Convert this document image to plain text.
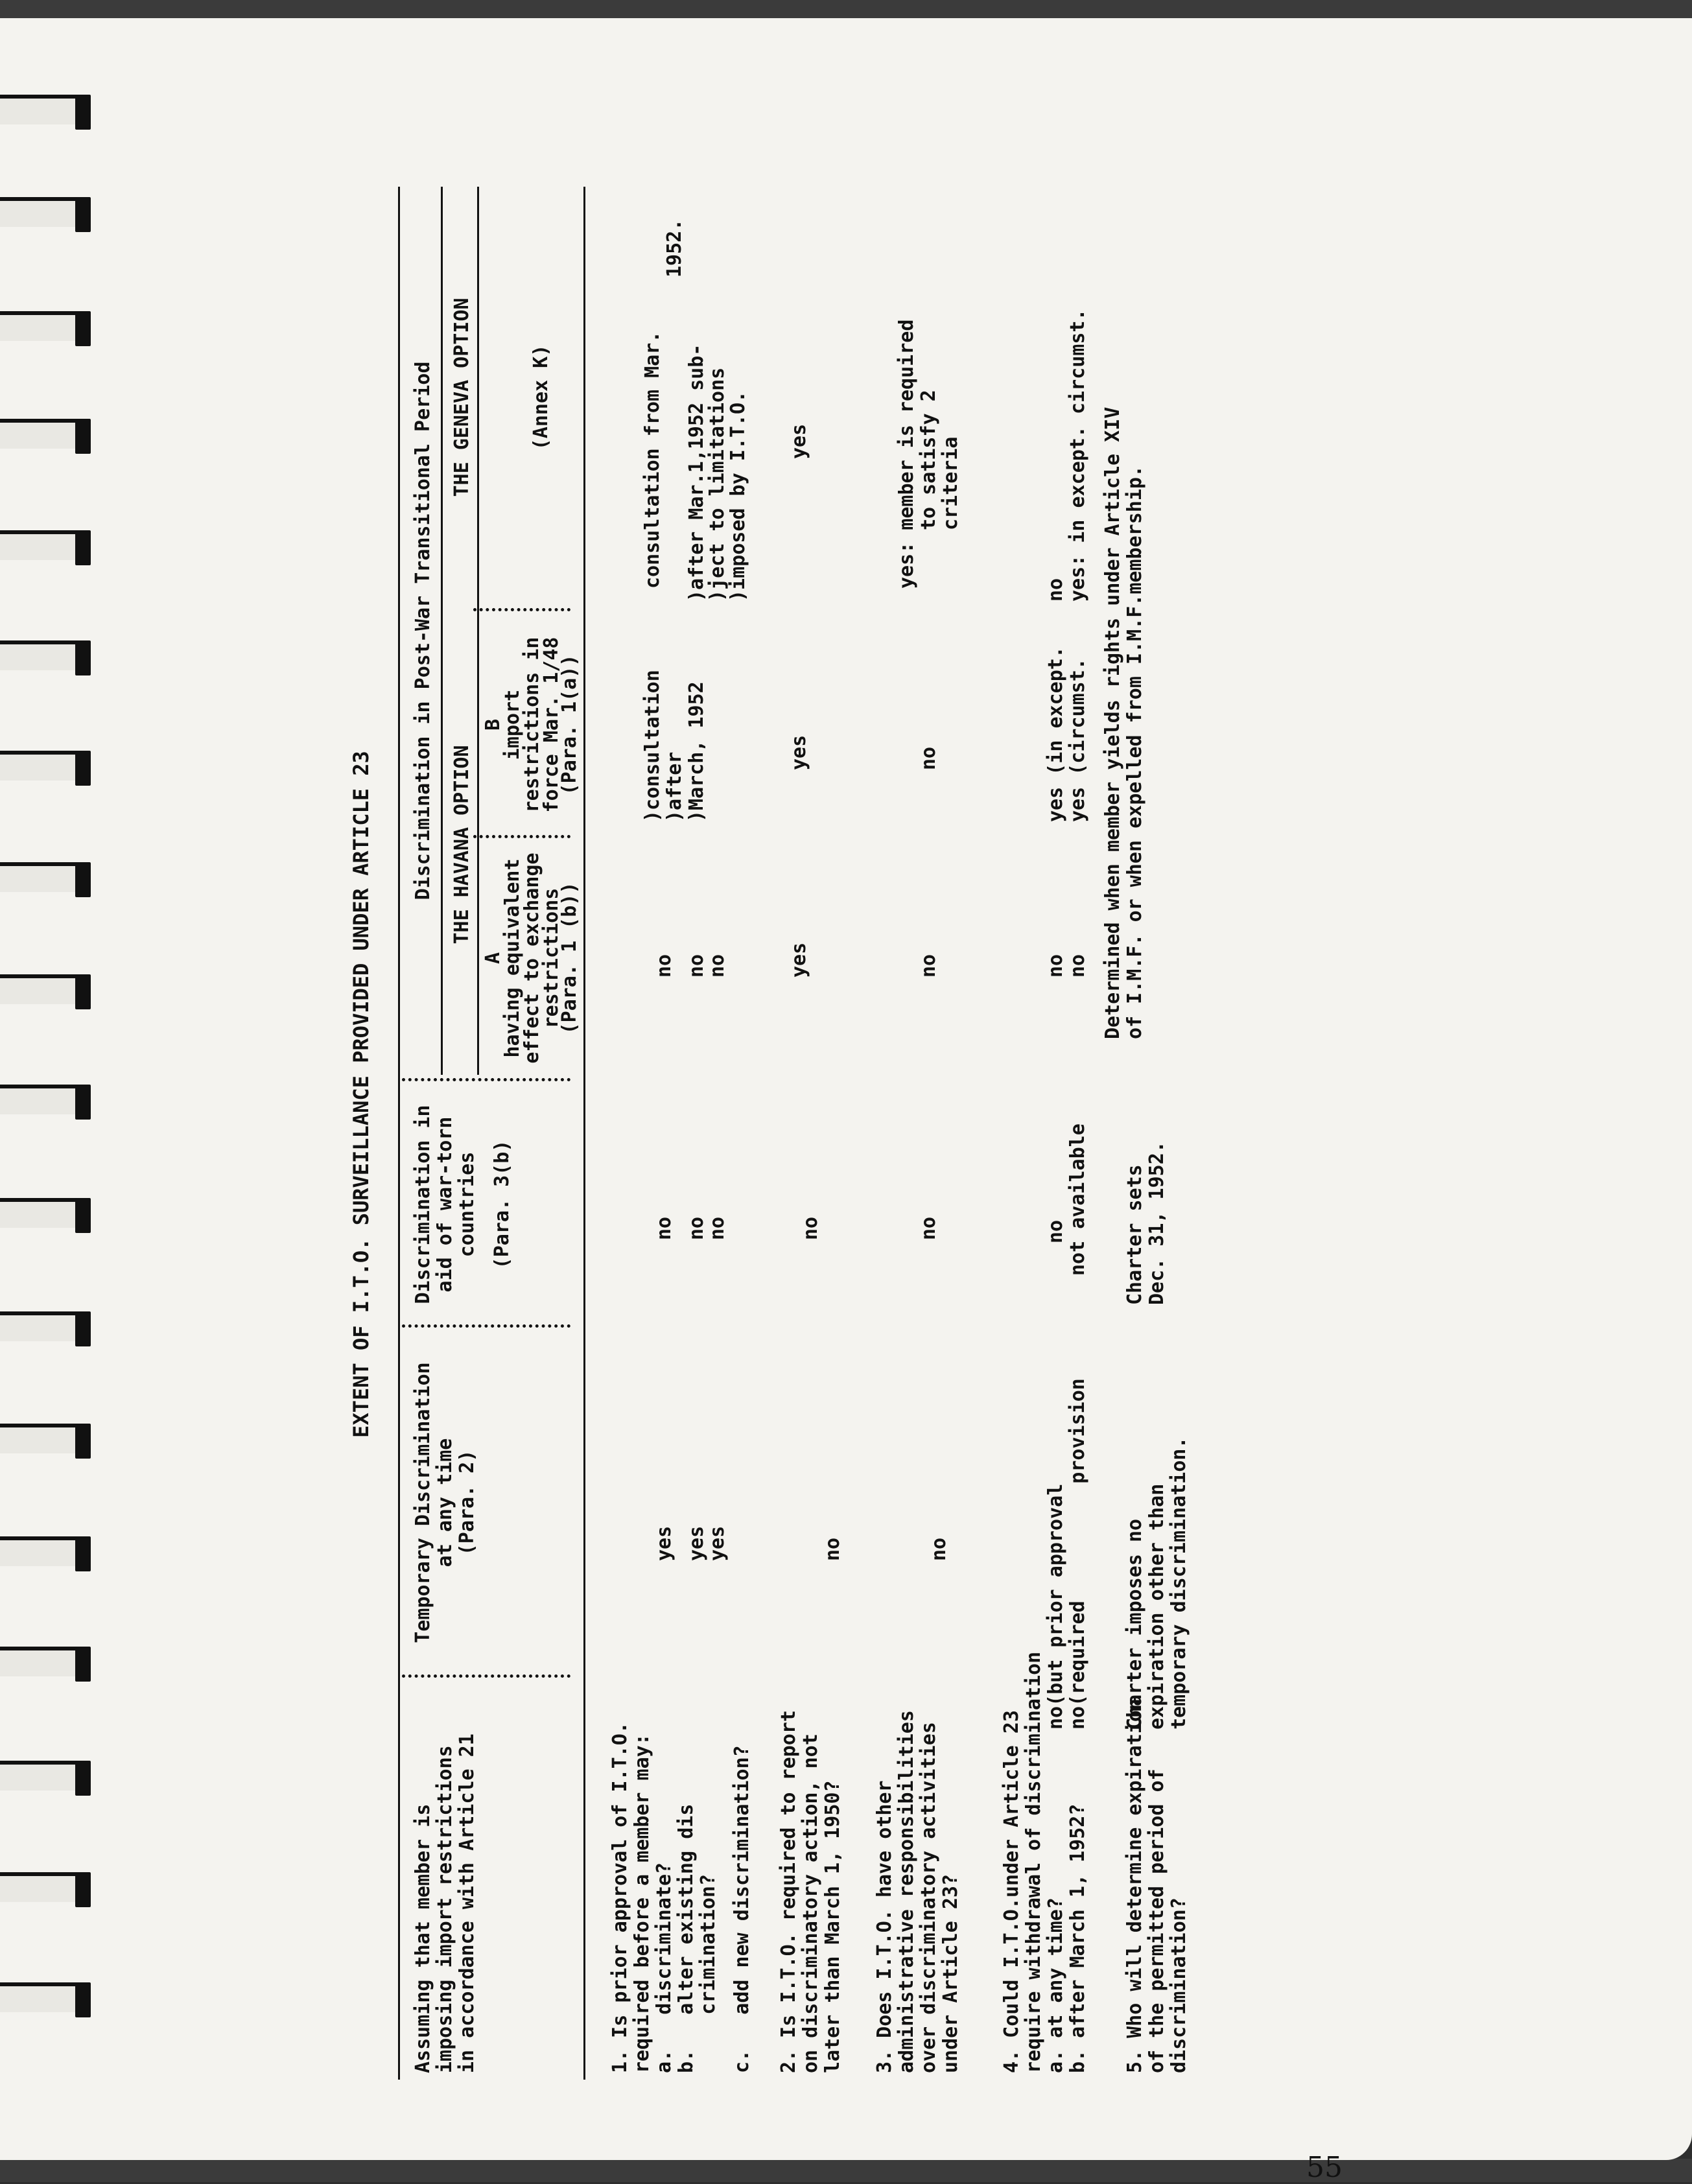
55
EXTENT OF I.T.O. SURVEILLANCE PROVIDED UNDER ARTICLE 23
Assuming that member is imposing import restrictions in accordance with Article 21
Temporary Discrimination at any time (Para. 2)
Discrimination in aid of war-torn countries (Para. 3(b)
Discrimination in Post-War Transitional Period THE HAVANA OPTION
THE GENEVA OPTION
A
having equivalent
effect to exchange
restrictions
(Para. 1 (b))
B
import
restrictions in
force Mar. 1/48
(Para. 1(a))
(Annex K)
1. Is prior approval of I.T.O. required before a member may: a.   discriminate? b.   alter existing dis crimination? c.   add new discrimination?
yes yes
yes
no no
no
no no
no
)consultation )after )March, 1952
consultation from Mar.
1952.
)after Mar.1,1952 sub-
)ject to limitations
)imposed by I.T.O.
2. Is I.T.O. required to report on discriminatory action, not later than March 1, 1950?
no
no
yes
yes
yes
3. Does I.T.O. have other administrative responsibilities over discriminatory activities under Article 23?
no
no
no
no
yes: member is required to satisfy 2 criteria
4. Could I.T.O.under Article 23 require withdrawal of discrimination a. at any time? b. after March 1, 1952?
no(but prior approval no(required          provision
no not available
no no
yes (in except. yes (circumst.
no yes: in except. circumst.
5. Who will determine expiration of the permitted period of discrimination?
Charter imposes no expiration other than temporary discrimination.
Charter sets Dec. 31, 1952.
Determined when member yields rights under Article XIV of I.M.F. or when expelled from I.M.F.membership.
